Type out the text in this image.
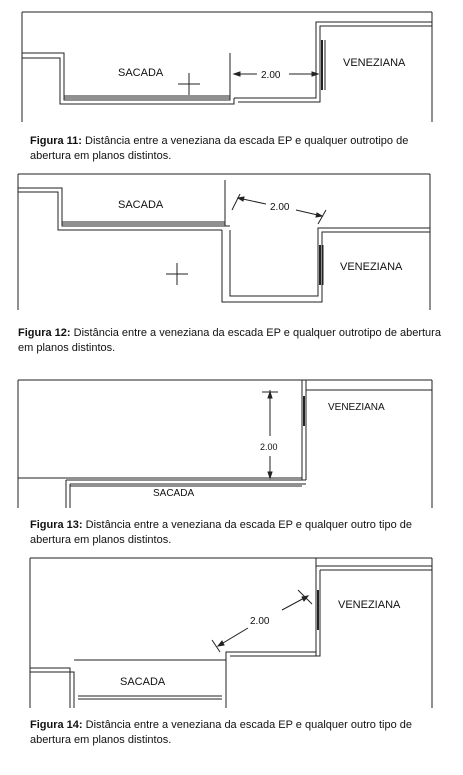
SACADA
VENEZIANA
2.00
Figura 11: Distância entre a veneziana da escada EP e qualquer outrotipo de abertura em planos distintos.
SACADA
VENEZIANA
2.00
Figura 12: Distância entre a veneziana da escada EP e qualquer outrotipo de abertura em planos distintos.
SACADA
VENEZIANA
2.00
Figura 13: Distância entre a veneziana da escada EP e qualquer outro tipo de abertura em planos distintos.
SACADA
VENEZIANA
2.00
Figura 14: Distância entre a veneziana da escada EP e qualquer outro tipo de abertura em planos distintos.
